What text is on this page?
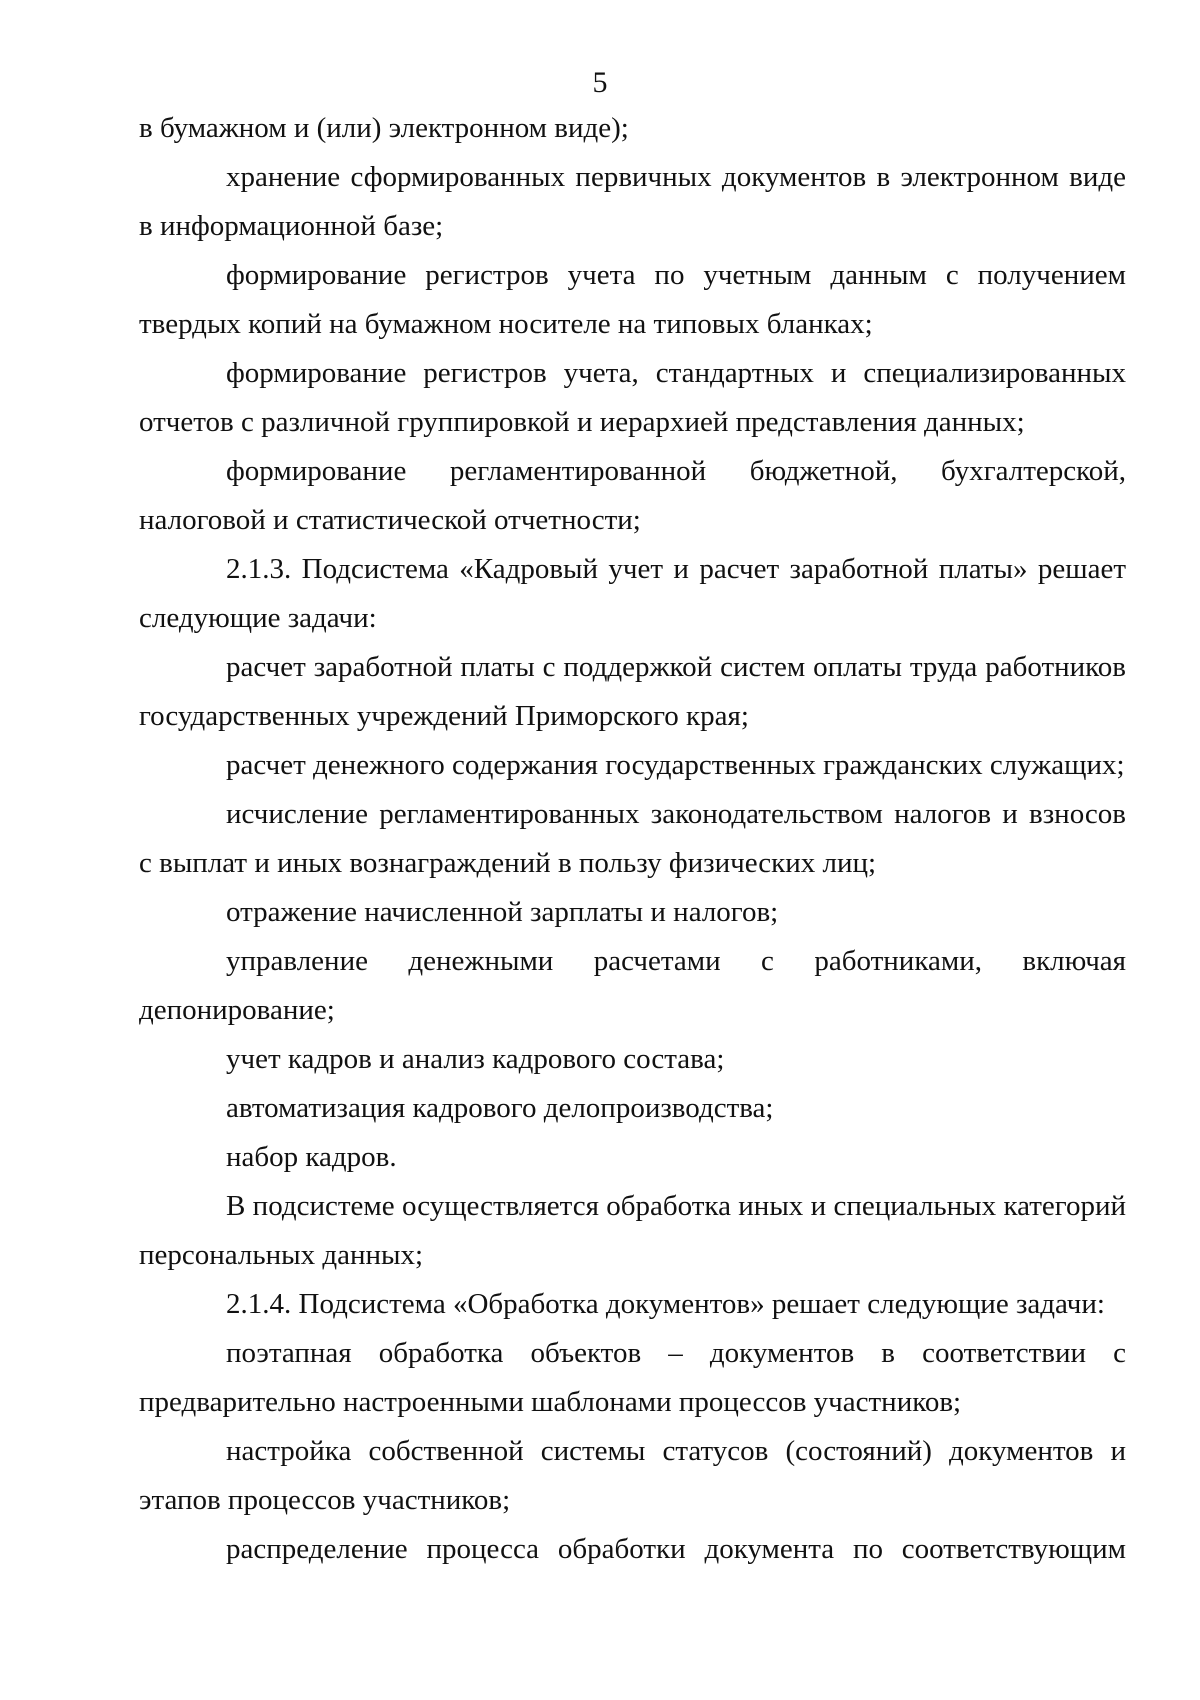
5

в бумажном и (или) электронном виде);

хранение сформированных первичных документов в электронном виде в информационной базе;

формирование регистров учета по учетным данным с получением твердых копий на бумажном носителе на типовых бланках;

формирование регистров учета, стандартных и специализированных отчетов с различной группировкой и иерархией представления данных;

формирование регламентированной бюджетной, бухгалтерской, налоговой и статистической отчетности;

2.1.3. Подсистема «Кадровый учет и расчет заработной платы» решает следующие задачи:

расчет заработной платы с поддержкой систем оплаты труда работников государственных учреждений Приморского края;

расчет денежного содержания государственных гражданских служащих;

исчисление регламентированных законодательством налогов и взносов с выплат и иных вознаграждений в пользу физических лиц;

отражение начисленной зарплаты и налогов;

управление денежными расчетами с работниками, включая депонирование;

учет кадров и анализ кадрового состава;

автоматизация кадрового делопроизводства;

набор кадров.

В подсистеме осуществляется обработка иных и специальных категорий персональных данных;

2.1.4. Подсистема «Обработка документов» решает следующие задачи:

поэтапная обработка объектов – документов в соответствии с предварительно настроенными шаблонами процессов участников;

настройка собственной системы статусов (состояний) документов и этапов процессов участников;

распределение процесса обработки документа по соответствующим
